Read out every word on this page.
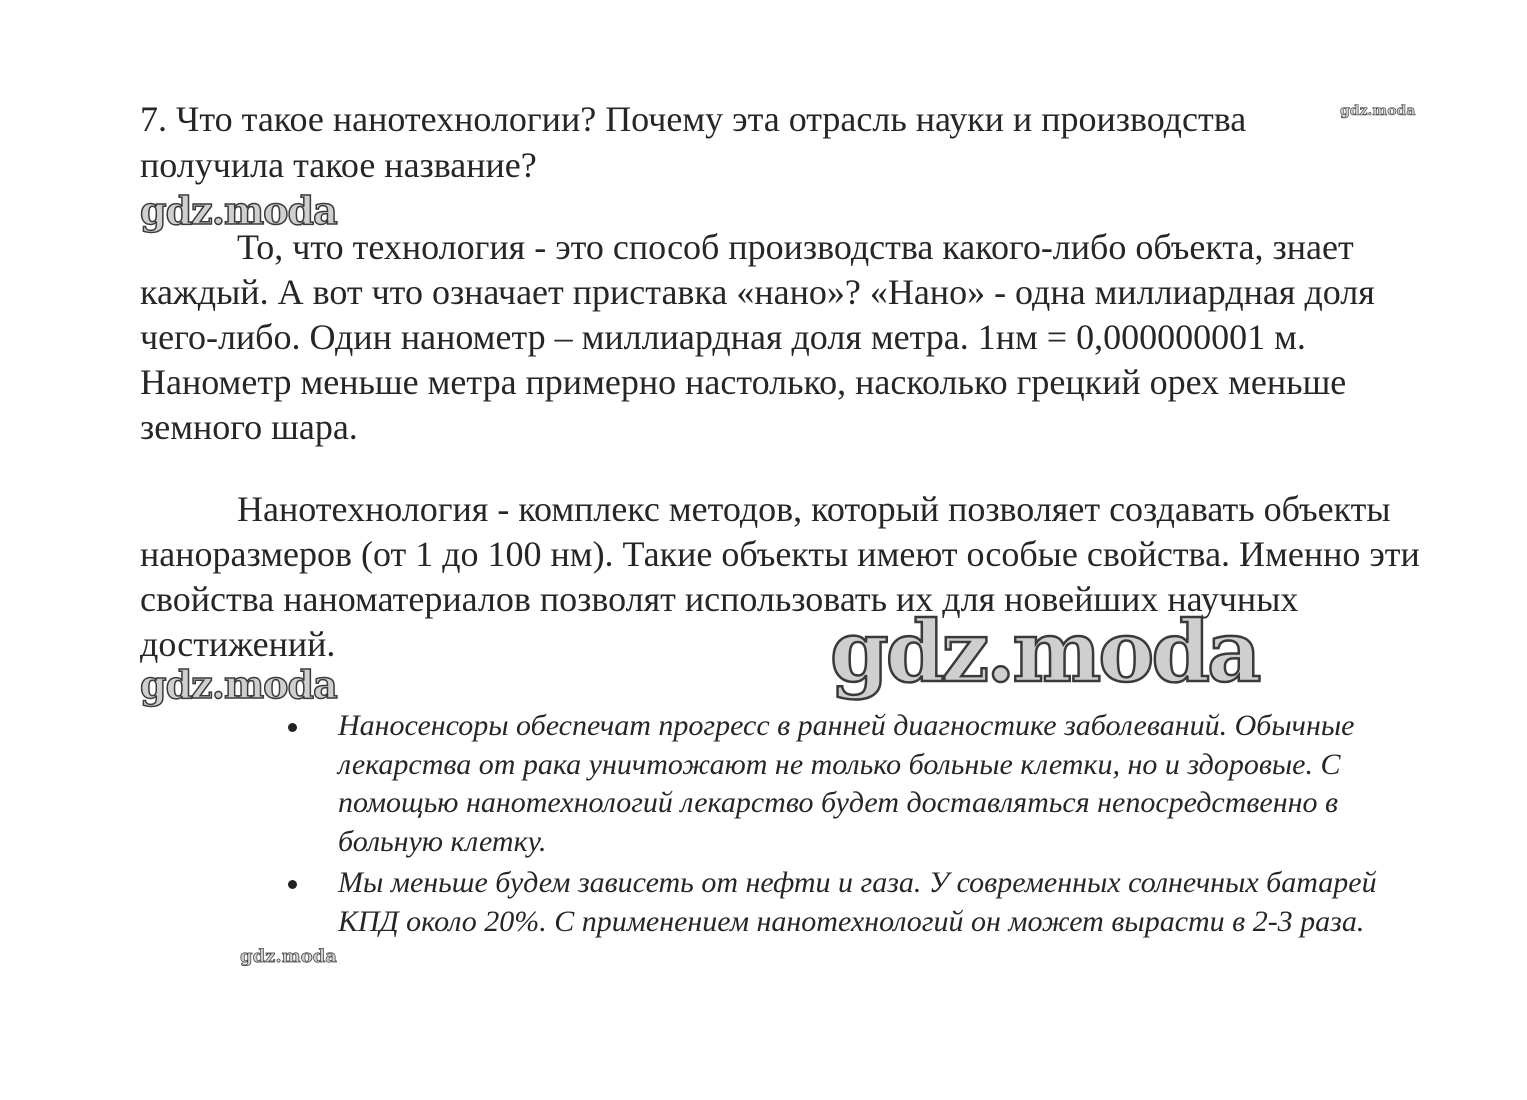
7. Что такое нанотехнологии? Почему эта отрасль науки и производства получила такое название?

То, что технология - это способ производства какого-либо объекта, знает каждый. А вот что означает приставка «нано»? «Нано» - одна миллиардная доля чего-либо. Один нанометр – миллиардная доля метра. 1нм = 0,000000001 м. Нанометр меньше метра примерно настолько, насколько грецкий орех меньше земного шара.

Нанотехнология - комплекс методов, который позволяет создавать объекты наноразмеров (от 1 до 100 нм). Такие объекты имеют особые свойства. Именно эти свойства наноматериалов позволят использовать их для новейших научных достижений.

Наносенсоры обеспечат прогресс в ранней диагностике заболеваний. Обычные лекарства от рака уничтожают не только больные клетки, но и здоровые. С помощью нанотехнологий лекарство будет доставляться непосредственно в больную клетку.
Мы меньше будем зависеть от нефти и газа. У современных солнечных батарей КПД около 20%. С применением нанотехнологий он может вырасти в 2-3 раза.
gdz.moda
gdz.moda
gdz.moda	gdz.moda
gdz.moda
